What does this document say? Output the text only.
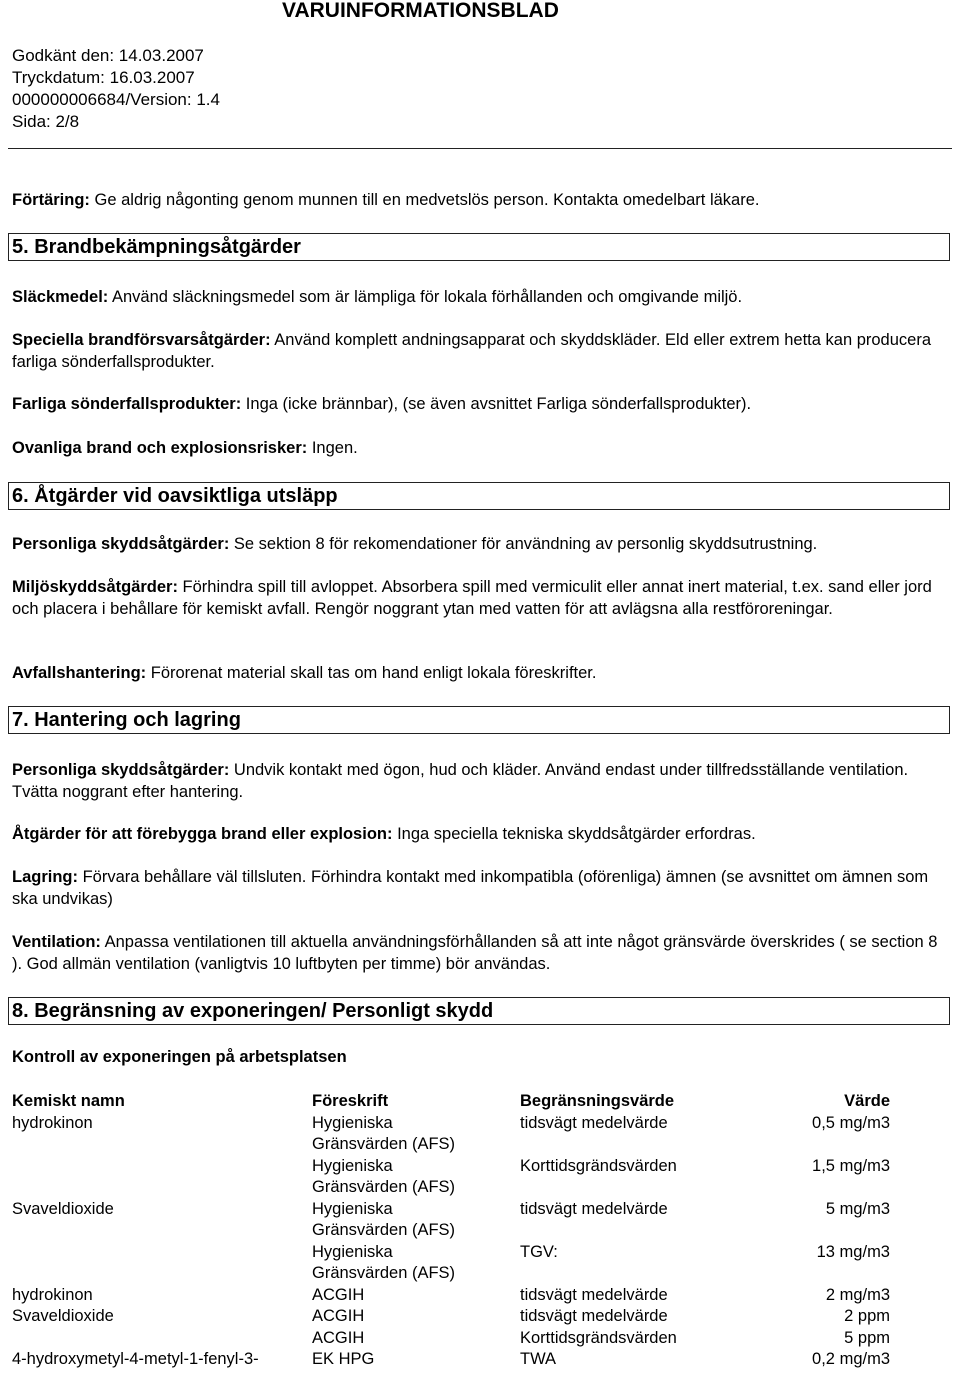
VARUINFORMATIONSBLAD
Godkänt den: 14.03.2007
Tryckdatum: 16.03.2007
000000006684/Version: 1.4
Sida: 2/8
Förtäring: Ge aldrig någonting genom munnen till en medvetslös person. Kontakta omedelbart läkare.
5. Brandbekämpningsåtgärder
Släckmedel: Använd släckningsmedel som är lämpliga för lokala förhållanden och omgivande miljö.
Speciella brandförsvarsåtgärder: Använd komplett andningsapparat och skyddskläder. Eld eller extrem hetta kan producera farliga sönderfallsprodukter.
Farliga sönderfallsprodukter: Inga (icke brännbar), (se även avsnittet Farliga sönderfallsprodukter).
Ovanliga brand och explosionsrisker: Ingen.
6. Åtgärder vid oavsiktliga utsläpp
Personliga skyddsåtgärder: Se sektion 8 för rekomendationer för användning av personlig skyddsutrustning.
Miljöskyddsåtgärder: Förhindra spill till avloppet. Absorbera spill med vermiculit eller annat inert material, t.ex. sand eller jord och placera i behållare för kemiskt avfall. Rengör noggrant ytan med vatten för att avlägsna alla restföroreningar.
Avfallshantering: Förorenat material skall tas om hand enligt lokala föreskrifter.
7. Hantering och lagring
Personliga skyddsåtgärder: Undvik kontakt med ögon, hud och kläder. Använd endast under tillfredsställande ventilation. Tvätta noggrant efter hantering.
Åtgärder för att förebygga brand eller explosion: Inga speciella tekniska skyddsåtgärder erfordras.
Lagring: Förvara behållare väl tillsluten. Förhindra kontakt med inkompatibla (oförenliga) ämnen (se avsnittet om ämnen som ska undvikas)
Ventilation: Anpassa ventilationen till aktuella användningsförhållanden så att inte något gränsvärde överskrides ( se section 8 ). God allmän ventilation (vanligtvis 10 luftbyten per timme) bör användas.
8. Begränsning av exponeringen/ Personligt skydd
Kontroll av exponeringen på arbetsplatsen
Kemiskt namn	Föreskrift	Begränsningsvärde	Värde
hydrokinon	Hygieniska	tidsvägt medelvärde	0,5 mg/m3
	Gränsvärden (AFS)		
	Hygieniska	Korttidsgrändsvärden	1,5 mg/m3
	Gränsvärden (AFS)		
Svaveldioxide	Hygieniska	tidsvägt medelvärde	5 mg/m3
	Gränsvärden (AFS)		
	Hygieniska	TGV:	13 mg/m3
	Gränsvärden (AFS)		
hydrokinon	ACGIH	tidsvägt medelvärde	2 mg/m3
Svaveldioxide	ACGIH	tidsvägt medelvärde	2 ppm
	ACGIH	Korttidsgrändsvärden	5 ppm
4-hydroxymetyl-4-metyl-1-fenyl-3-	EK HPG	TWA	0,2 mg/m3
